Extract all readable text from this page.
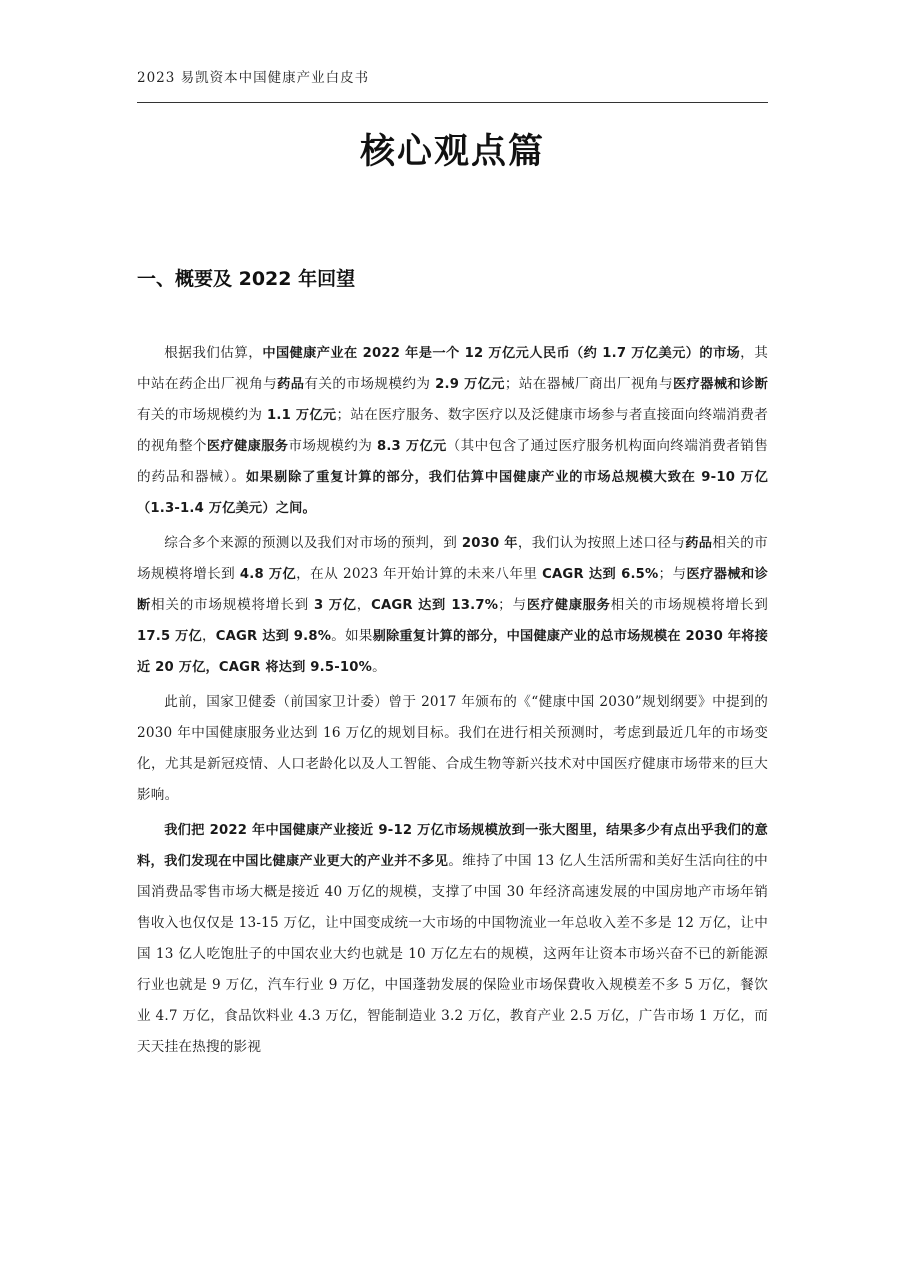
2023 易凯资本中国健康产业白皮书
核心观点篇
一、概要及 2022 年回望

根据我们估算，中国健康产业在 2022 年是一个 12 万亿元人民币（约 1.7 万亿美元）的市场，其中站在药企出厂视角与药品有关的市场规模约为 2.9 万亿元；站在器械厂商出厂视角与医疗器械和诊断有关的市场规模约为 1.1 万亿元；站在医疗服务、数字医疗以及泛健康市场参与者直接面向终端消费者的视角整个医疗健康服务市场规模约为 8.3 万亿元（其中包含了通过医疗服务机构面向终端消费者销售的药品和器械）。如果剔除了重复计算的部分，我们估算中国健康产业的市场总规模大致在 9-10 万亿（1.3-1.4 万亿美元）之间。

综合多个来源的预测以及我们对市场的预判，到 2030 年，我们认为按照上述口径与药品相关的市场规模将增长到 4.8 万亿，在从 2023 年开始计算的未来八年里 CAGR 达到 6.5%；与医疗器械和诊断相关的市场规模将增长到 3 万亿，CAGR 达到 13.7%；与医疗健康服务相关的市场规模将增长到 17.5 万亿，CAGR 达到 9.8%。如果剔除重复计算的部分，中国健康产业的总市场规模在 2030 年将接近 20 万亿，CAGR 将达到 9.5-10%。

此前，国家卫健委（前国家卫计委）曾于 2017 年颁布的《“健康中国 2030”规划纲要》中提到的 2030 年中国健康服务业达到 16 万亿的规划目标。我们在进行相关预测时，考虑到最近几年的市场变化，尤其是新冠疫情、人口老龄化以及人工智能、合成生物等新兴技术对中国医疗健康市场带来的巨大影响。

我们把 2022 年中国健康产业接近 9-12 万亿市场规模放到一张大图里，结果多少有点出乎我们的意料，我们发现在中国比健康产业更大的产业并不多见。维持了中国 13 亿人生活所需和美好生活向往的中国消费品零售市场大概是接近 40 万亿的规模，支撑了中国 30 年经济高速发展的中国房地产市场年销售收入也仅仅是 13-15 万亿，让中国变成统一大市场的中国物流业一年总收入差不多是 12 万亿，让中国 13 亿人吃饱肚子的中国农业大约也就是 10 万亿左右的规模，这两年让资本市场兴奋不已的新能源行业也就是 9 万亿，汽车行业 9 万亿，中国蓬勃发展的保险业市场保費收入规模差不多 5 万亿，餐饮业 4.7 万亿，食品饮料业 4.3 万亿，智能制造业 3.2 万亿，教育产业 2.5 万亿，广告市场 1 万亿，而天天挂在热搜的影视
